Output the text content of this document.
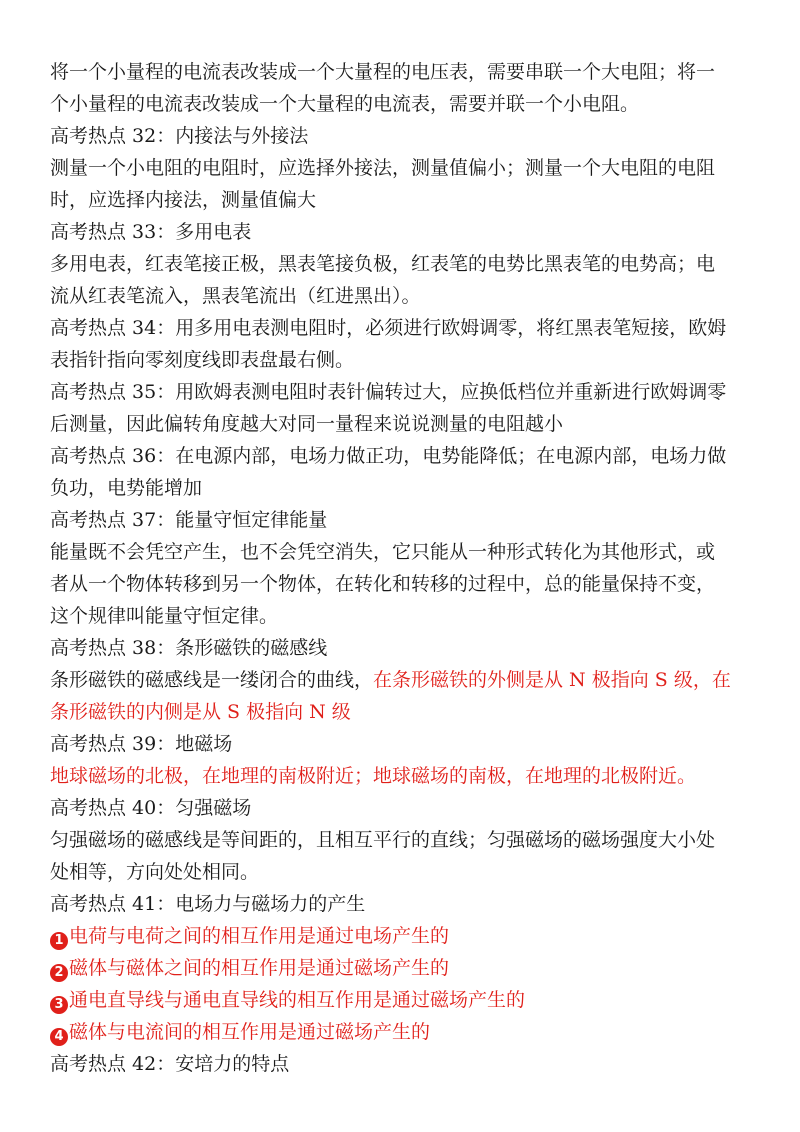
将一个小量程的电流表改装成一个大量程的电压表，需要串联一个大电阻；将一
个小量程的电流表改装成一个大量程的电流表，需要并联一个小电阻。
高考热点 32：内接法与外接法
测量一个小电阻的电阻时，应选择外接法，测量值偏小；测量一个大电阻的电阻
时，应选择内接法，测量值偏大
高考热点 33：多用电表
多用电表，红表笔接正极，黑表笔接负极，红表笔的电势比黑表笔的电势高；电
流从红表笔流入，黑表笔流出（红进黑出）。
高考热点 34：用多用电表测电阻时，必须进行欧姆调零，将红黑表笔短接，欧姆
表指针指向零刻度线即表盘最右侧。
高考热点 35：用欧姆表测电阻时表针偏转过大，应换低档位并重新进行欧姆调零
后测量，因此偏转角度越大对同一量程来说说测量的电阻越小
高考热点 36：在电源内部，电场力做正功，电势能降低；在电源内部，电场力做
负功，电势能增加
高考热点 37：能量守恒定律能量
能量既不会凭空产生，也不会凭空消失，它只能从一种形式转化为其他形式，或
者从一个物体转移到另一个物体，在转化和转移的过程中，总的能量保持不变，
这个规律叫能量守恒定律。
高考热点 38：条形磁铁的磁感线
条形磁铁的磁感线是一缕闭合的曲线，在条形磁铁的外侧是从 N 极指向 S 级，在
条形磁铁的内侧是从 S 极指向 N 级
高考热点 39：地磁场
地球磁场的北极，在地理的南极附近；地球磁场的南极，在地理的北极附近。
高考热点 40：匀强磁场
匀强磁场的磁感线是等间距的，且相互平行的直线；匀强磁场的磁场强度大小处
处相等，方向处处相同。
高考热点 41：电场力与磁场力的产生
1 电荷与电荷之间的相互作用是通过电场产生的
2 磁体与磁体之间的相互作用是通过磁场产生的
3 通电直导线与通电直导线的相互作用是通过磁场产生的
4 磁体与电流间的相互作用是通过磁场产生的
高考热点 42：安培力的特点
